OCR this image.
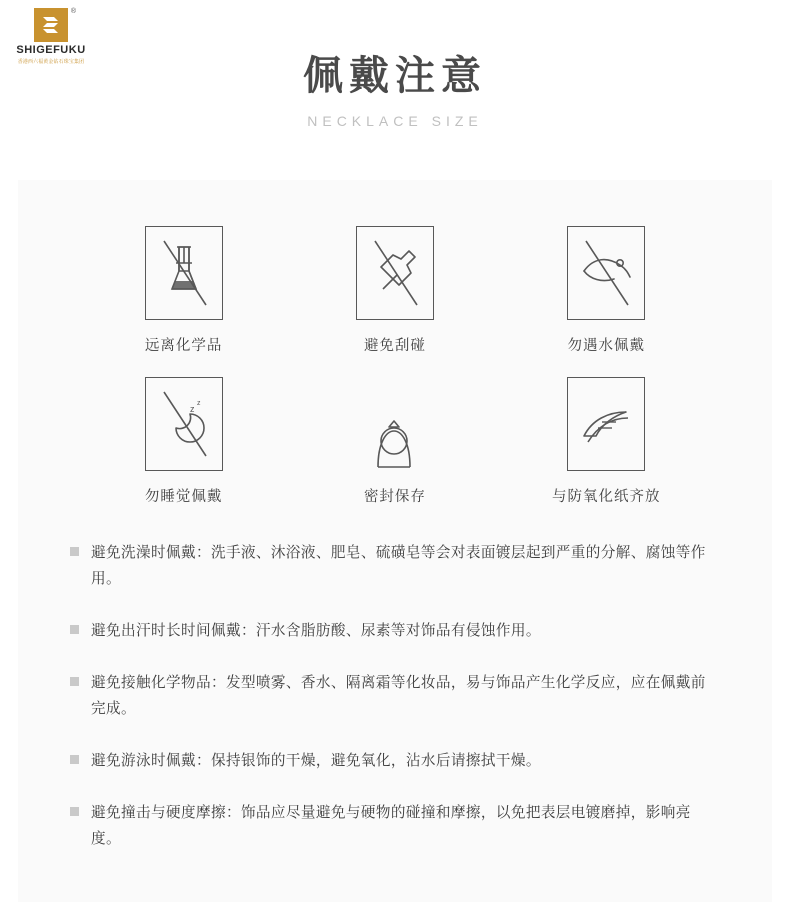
®
SHIGEFUKU
香港西六福黄金钻石珠宝集团	佩戴注意
NECKLACE SIZE
远离化学品	避免刮碰	勿遇水佩戴
z
z
勿睡觉佩戴	密封保存	与防氧化纸齐放
避免洗澡时佩戴：洗手液、沐浴液、肥皂、硫磺皂等会对表面镀层起到严重的分解、腐蚀等作用。
避免出汗时长时间佩戴：汗水含脂肪酸、尿素等对饰品有侵蚀作用。
避免接触化学物品：发型喷雾、香水、隔离霜等化妆品，易与饰品产生化学反应，应在佩戴前完成。
避免游泳时佩戴：保持银饰的干燥，避免氧化，沾水后请擦拭干燥。
避免撞击与硬度摩擦：饰品应尽量避免与硬物的碰撞和摩擦，以免把表层电镀磨掉，影响亮度。
